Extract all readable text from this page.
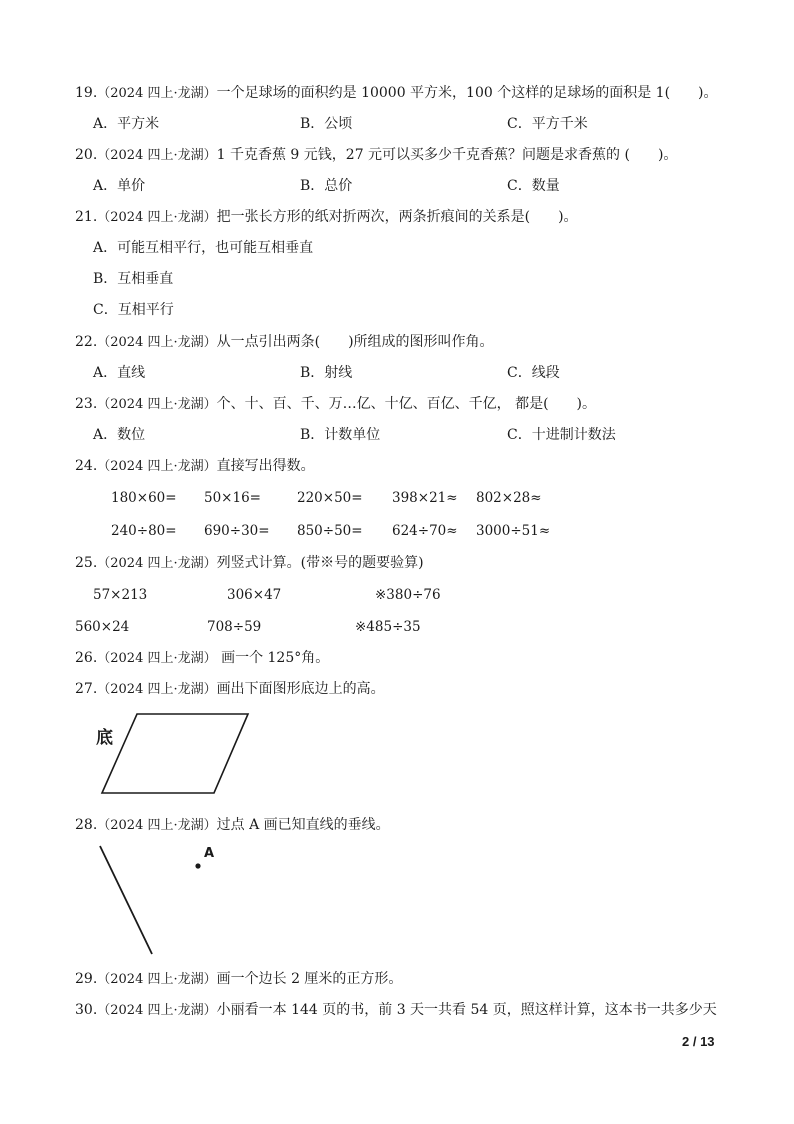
19.（2024 四上·龙湖）一个足球场的面积约是 10000 平方米，100 个这样的足球场的面积是 1(　　)。
A．平方米	B．公顷	C．平方千米
20.（2024 四上·龙湖）1 千克香蕉 9 元钱，27 元可以买多少千克香蕉？问题是求香蕉的 (　　)。
A．单价	B．总价	C．数量
21.（2024 四上·龙湖）把一张长方形的纸对折两次，两条折痕间的关系是(　　)。
A．可能互相平行，也可能互相垂直
B．互相垂直
C．互相平行
22.（2024 四上·龙湖）从一点引出两条(　　)所组成的图形叫作角。
A．直线	B．射线	C．线段
23.（2024 四上·龙湖）个、十、百、千、万…亿、十亿、百亿、千亿， 都是(　　)。
A．数位	B．计数单位	C．十进制计数法
24.（2024 四上·龙湖）直接写出得数。
180×60= 50×16=	220×50= 398×21≈ 802×28≈
240÷80= 690÷30= 850÷50= 624÷70≈ 3000÷51≈
25.（2024 四上·龙湖）列竖式计算。(带※号的题要验算)
57×213	306×47	※380÷76
560×24	708÷59	※485÷35
26.（2024 四上·龙湖） 画一个 125°角。
27.（2024 四上·龙湖）画出下面图形底边上的高。
底
28.（2024 四上·龙湖）过点 A 画已知直线的垂线。
A
29.（2024 四上·龙湖）画一个边长 2 厘米的正方形。
30.（2024 四上·龙湖）小丽看一本 144 页的书，前 3 天一共看 54 页，照这样计算，这本书一共多少天
2 / 13
